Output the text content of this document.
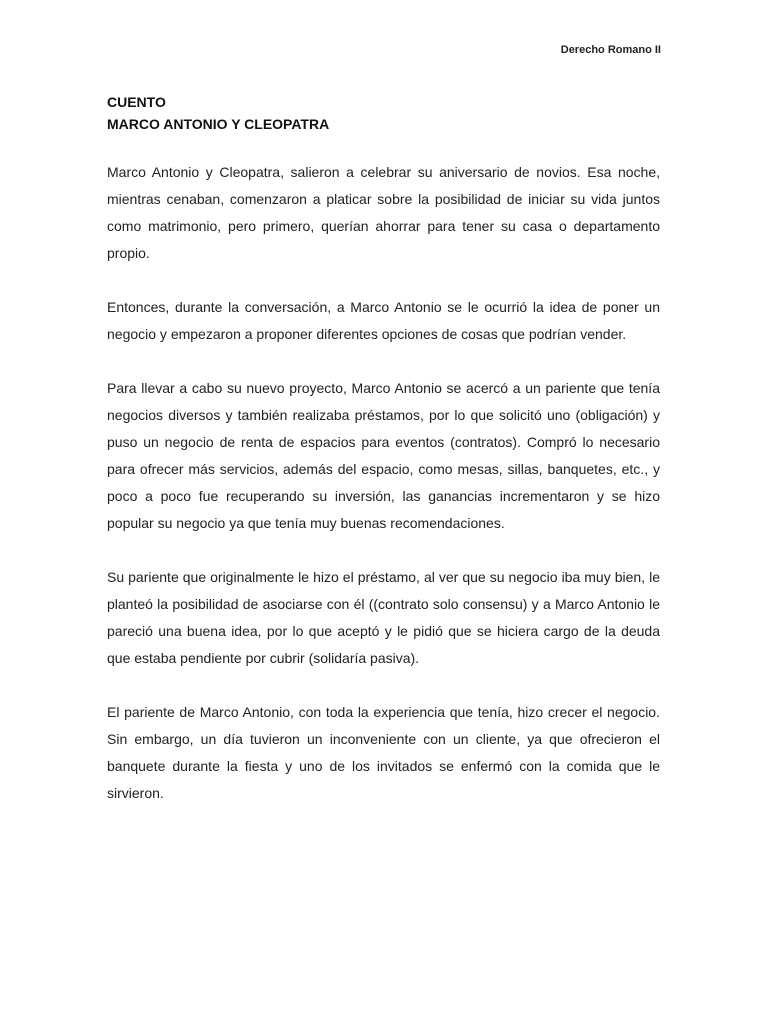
Derecho Romano II

CUENTO

MARCO ANTONIO Y CLEOPATRA

Marco Antonio y Cleopatra, salieron a celebrar su aniversario de novios. Esa noche, mientras cenaban, comenzaron a platicar sobre la posibilidad de iniciar su vida juntos como matrimonio, pero primero, querían ahorrar para tener su casa o departamento propio.

Entonces, durante la conversación, a Marco Antonio se le ocurrió la idea de poner un negocio y empezaron a proponer diferentes opciones de cosas que podrían vender.

Para llevar a cabo su nuevo proyecto, Marco Antonio se acercó a un pariente que tenía negocios diversos y también realizaba préstamos, por lo que solicitó uno (obligación) y puso un negocio de renta de espacios para eventos (contratos). Compró lo necesario para ofrecer más servicios, además del espacio, como mesas, sillas, banquetes, etc., y poco a poco fue recuperando su inversión, las ganancias incrementaron y se hizo popular su negocio ya que tenía muy buenas recomendaciones.

Su pariente que originalmente le hizo el préstamo, al ver que su negocio iba muy bien, le planteó la posibilidad de asociarse con él ((contrato solo consensu) y a Marco Antonio le pareció una buena idea, por lo que aceptó y le pidió que se hiciera cargo de la deuda que estaba pendiente por cubrir (solidaría pasiva).

El pariente de Marco Antonio, con toda la experiencia que tenía, hizo crecer el negocio. Sin embargo, un día tuvieron un inconveniente con un cliente, ya que ofrecieron el banquete durante la fiesta y uno de los invitados se enfermó con la comida que le sirvieron.
